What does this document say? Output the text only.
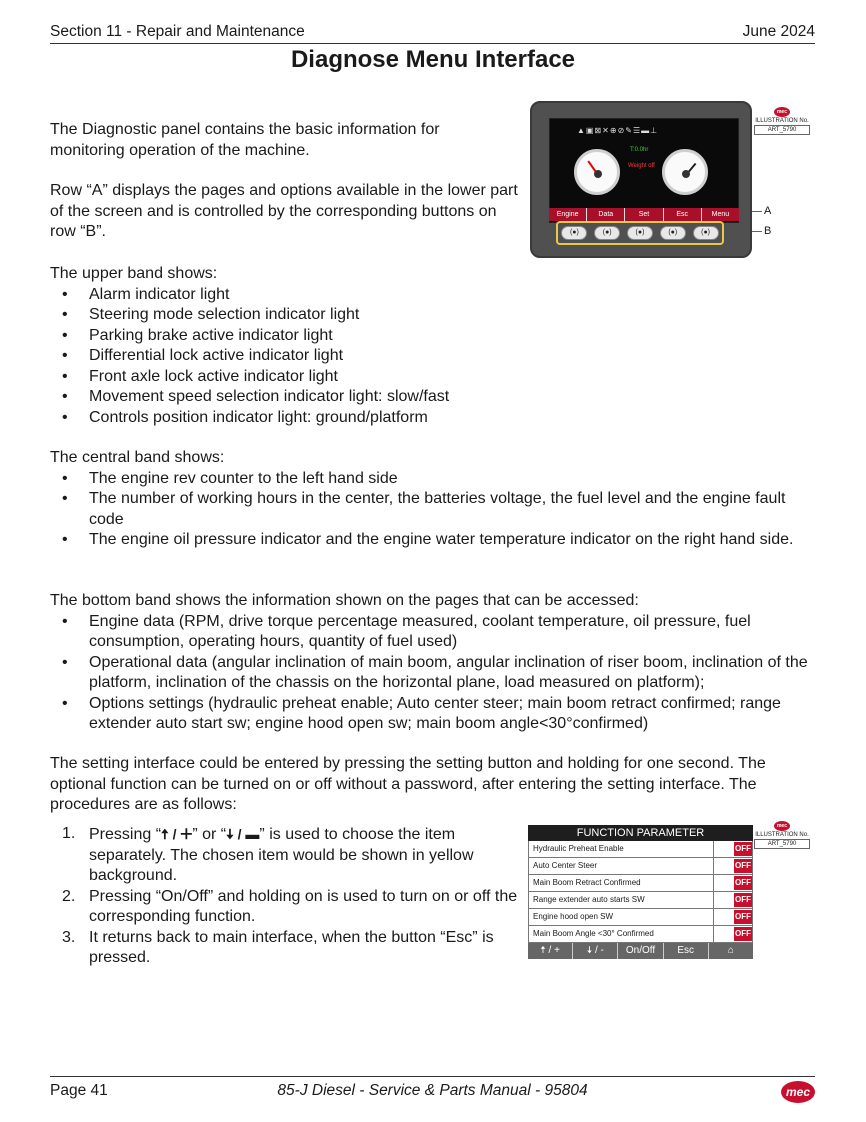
Section 11 - Repair and Maintenance	June 2024
Diagnose Menu Interface
The Diagnostic panel contains the basic information for monitoring operation of the machine.
Row “A” displays the pages and options available in the lower part of the screen and is controlled by the corresponding buttons on row “B”.
▲▣⊠✕⊕⊘✎☰▬⊥
T:0.0hr
Weight off
Engine	Data	Set	Esc	Menu
(●)	(●)	(●)	(●)	(●)
A
B
mec
ILLUSTRATION No.
ART_5790
The upper band shows:
• Alarm indicator light
• Steering mode selection indicator light
• Parking brake active indicator light
• Differential lock active indicator light
• Front axle lock active indicator light
• Movement speed selection indicator light: slow/fast
• Controls position indicator light: ground/platform
The central band shows:
• The engine rev counter to the left hand side
• The number of working hours in the center, the batteries voltage, the fuel level and the engine fault code
• The engine oil pressure indicator and the engine water temperature indicator on the right hand side.
The bottom band shows the information shown on the pages that can be accessed:
• Engine data (RPM, drive torque percentage measured, coolant temperature, oil pressure, fuel consumption, operating hours, quantity of fuel used)
• Operational data (angular inclination of main boom, angular inclination of riser boom, inclination of the platform, inclination of the chassis on the horizontal plane, load measured on platform);
• Options settings (hydraulic preheat enable; Auto center steer; main boom retract confirmed; range extender auto start sw; engine hood open sw; main boom angle<30°confirmed)
The setting interface could be entered by pressing the setting button and holding for one second. The optional function can be turned on or off without a password, after entering the setting interface. The procedures are as follows:
1. Pressing “🠅 / 🞣” or “🠇 / ▬” is used to choose the item separately. The chosen item would be shown in yellow background.
2. Pressing “On/Off” and holding on is used to turn on or off the corresponding function.
3. It returns back to main interface, when the button “Esc” is pressed.
FUNCTION PARAMETER
Hydraulic Preheat Enable	OFF
Auto Center Steer	OFF
Main Boom Retract Confirmed	OFF
Range extender auto starts SW	OFF
Engine hood open SW	OFF
Main Boom Angle <30° Confirmed	OFF
🠅 / +	🠇 / -	On/Off	Esc	⌂
mec
ILLUSTRATION No.
ART_5790
Page 41	85-J Diesel - Service & Parts Manual - 95804	mec
